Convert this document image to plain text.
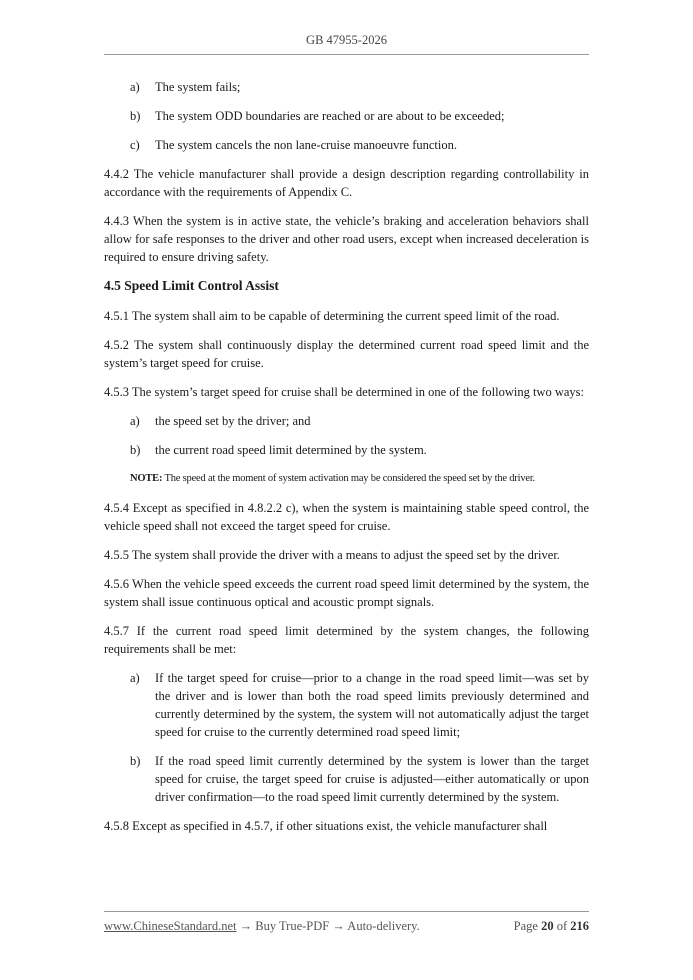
GB 47955-2026
a) The system fails;
b) The system ODD boundaries are reached or are about to be exceeded;
c) The system cancels the non lane-cruise manoeuvre function.

4.4.2 The vehicle manufacturer shall provide a design description regarding controllability in accordance with the requirements of Appendix C.

4.4.3 When the system is in active state, the vehicle’s braking and acceleration behaviors shall allow for safe responses to the driver and other road users, except when increased deceleration is required to ensure driving safety.

4.5 Speed Limit Control Assist

4.5.1 The system shall aim to be capable of determining the current speed limit of the road.

4.5.2 The system shall continuously display the determined current road speed limit and the system’s target speed for cruise.

4.5.3 The system’s target speed for cruise shall be determined in one of the following two ways:

a) the speed set by the driver; and
b) the current road speed limit determined by the system.
NOTE: The speed at the moment of system activation may be considered the speed set by the driver.

4.5.4 Except as specified in 4.8.2.2 c), when the system is maintaining stable speed control, the vehicle speed shall not exceed the target speed for cruise.

4.5.5 The system shall provide the driver with a means to adjust the speed set by the driver.

4.5.6 When the vehicle speed exceeds the current road speed limit determined by the system, the system shall issue continuous optical and acoustic prompt signals.

4.5.7 If the current road speed limit determined by the system changes, the following requirements shall be met:

a) If the target speed for cruise—prior to a change in the road speed limit—was set by the driver and is lower than both the road speed limits previously determined and currently determined by the system, the system will not automatically adjust the target speed for cruise to the currently determined road speed limit;
b) If the road speed limit currently determined by the system is lower than the target speed for cruise, the target speed for cruise is adjusted—either automatically or upon driver confirmation—to the road speed limit currently determined by the system.

4.5.8 Except as specified in 4.5.7, if other situations exist, the vehicle manufacturer shall

www.ChineseStandard.net → Buy True-PDF → Auto-delivery.	Page 20 of 216
